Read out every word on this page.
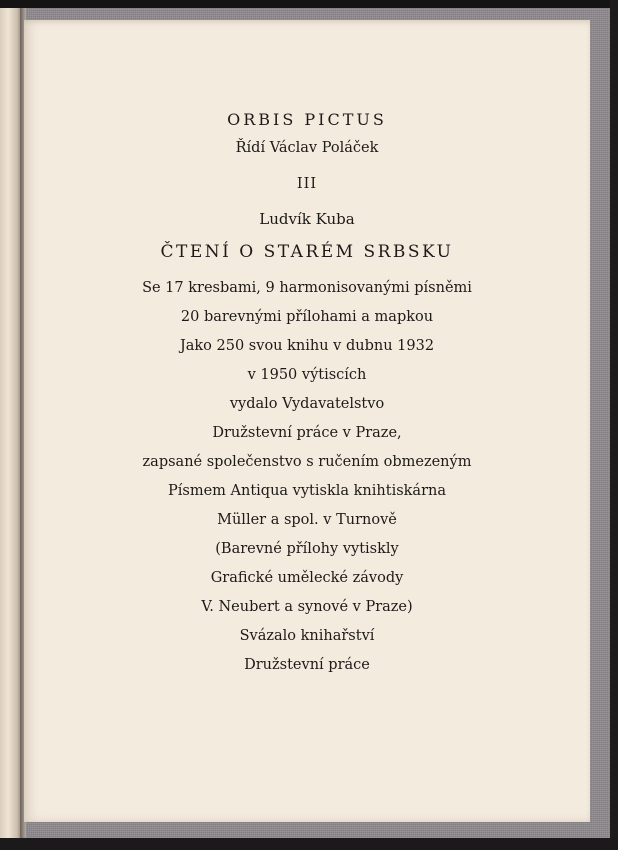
ORBIS PICTUS
Řídí Václav Poláček
III
Ludvík Kuba
ČTENÍ O STARÉM SRBSKU
Se 17 kresbami, 9 harmonisovanými písněmi
20 barevnými přílohami a mapkou
Jako 250 svou knihu v dubnu 1932
v 1950 výtiscích
vydalo Vydavatelstvo
Družstevní práce v Praze,
zapsané společenstvo s ručením obmezeným
Písmem Antiqua vytiskla knihtiskárna
Müller a spol. v Turnově
(Barevné přílohy vytiskly
Grafické umělecké závody
V. Neubert a synové v Praze)
Svázalo knihařství
Družstevní práce
